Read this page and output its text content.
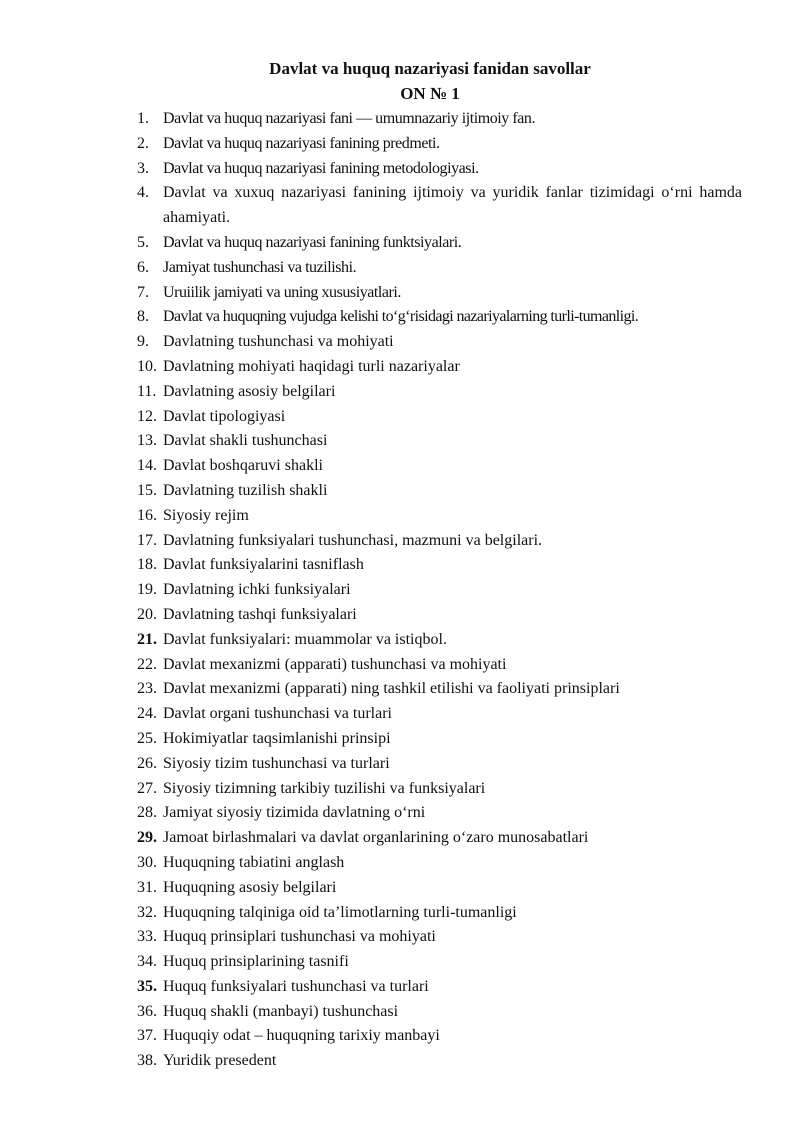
Davlat va huquq nazariyasi fanidan savollar
ON № 1
1. Davlat va huquq nazariyasi fani — umumnazariy ijtimoiy fan.
2. Davlat va huquq nazariyasi fanining predmeti.
3. Davlat va huquq nazariyasi fanining metodologiyasi.
4. Davlat va xuxuq nazariyasi fanining ijtimoiy va yuridik fanlar tizimidagi o‘rni hamda ahamiyati.
5. Davlat va huquq nazariyasi fanining funktsiyalari.
6. Jamiyat tushunchasi va tuzilishi.
7. Uruiilik jamiyati va uning xususiyatlari.
8. Davlat va huquqning vujudga kelishi to‘g‘risidagi nazariyalarning turli-tumanligi.
9. Davlatning tushunchasi va mohiyati
10. Davlatning mohiyati haqidagi turli nazariyalar
11. Davlatning asosiy belgilari
12. Davlat tipologiyasi
13. Davlat shakli tushunchasi
14. Davlat boshqaruvi shakli
15. Davlatning tuzilish shakli
16. Siyosiy rejim
17. Davlatning funksiyalari tushunchasi, mazmuni va belgilari.
18. Davlat funksiyalarini tasniflash
19. Davlatning ichki funksiyalari
20. Davlatning tashqi funksiyalari
21. Davlat funksiyalari: muammolar va istiqbol.
22. Davlat mexanizmi (apparati) tushunchasi va mohiyati
23. Davlat mexanizmi (apparati) ning tashkil etilishi va faoliyati prinsiplari
24. Davlat organi tushunchasi va turlari
25. Hokimiyatlar taqsimlanishi prinsipi
26. Siyosiy tizim tushunchasi va turlari
27. Siyosiy tizimning tarkibiy tuzilishi va funksiyalari
28. Jamiyat siyosiy tizimida davlatning o‘rni
29. Jamoat birlashmalari va davlat organlarining o‘zaro munosabatlari
30. Huquqning tabiatini anglash
31. Huquqning asosiy belgilari
32. Huquqning talqiniga oid ta’limotlarning turli-tumanligi
33. Huquq prinsiplari tushunchasi va mohiyati
34. Huquq prinsiplarining tasnifi
35. Huquq funksiyalari tushunchasi va turlari
36. Huquq shakli (manbayi) tushunchasi
37. Huquqiy odat – huquqning tarixiy manbayi
38. Yuridik presedent
